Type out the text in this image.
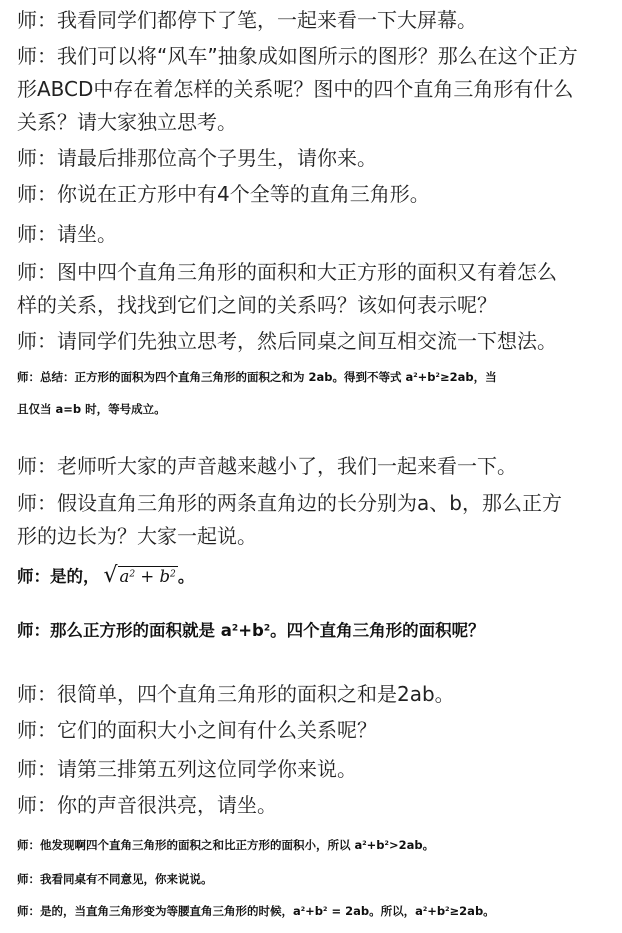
师：我看同学们都停下了笔，一起来看一下大屏幕。
师：我们可以将“风车”抽象成如图所示的图形？那么在这个正方
形ABCD中存在着怎样的关系呢？图中的四个直角三角形有什么
关系？请大家独立思考。
师：请最后排那位高个子男生，请你来。
师：你说在正方形中有4个全等的直角三角形。
师：请坐。
师：图中四个直角三角形的面积和大正方形的面积又有着怎么
样的关系，找找到它们之间的关系吗？该如何表示呢？
师：请同学们先独立思考，然后同桌之间互相交流一下想法。
师：总结：正方形的面积为四个直角三角形的面积之和为 2ab。得到不等式 $a^2+b^2\ge 2ab$，当
且仅当 a=b 时，等号成立。
师：老师听大家的声音越来越小了，我们一起来看一下。
师：假设直角三角形的两条直角边的长分别为a、b，那么正方
形的边长为？大家一起说。
师：是的， √ $a^2 + b^2$ 。
师：那么正方形的面积就是 $a^2+b^2$。四个直角三角形的面积呢？
师：很简单，四个直角三角形的面积之和是2ab。
师：它们的面积大小之间有什么关系呢？
师：请第三排第五列这位同学你来说。
师：你的声音很洪亮，请坐。
师：他发现啊四个直角三角形的面积之和比正方形的面积小，所以 $a^2+b^2>2ab$。
师：我看同桌有不同意见，你来说说。
师：是的，当直角三角形变为等腰直角三角形的时候，$a^2+b^2 = 2ab$。所以，$a^2+b^2\ge 2ab$。
